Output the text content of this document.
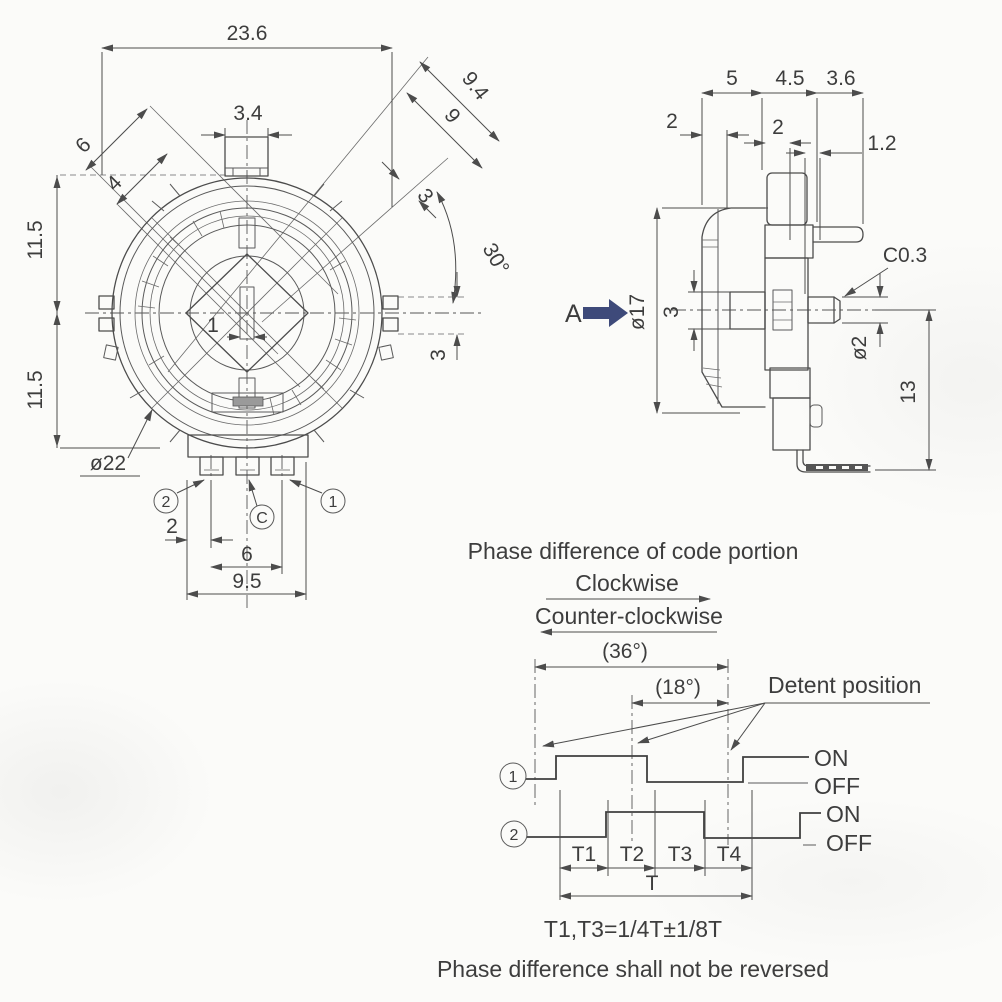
23.6
3.4
11.5
11.5
ø22
6
4
9.4
9
3
30°
3
1
2
6
9.5
2
C
1
A
5 4.5 3.6
2	2
1.2
C0.3
ø17 3
ø2
13
Phase difference of code portion
Clockwise
Counter-clockwise
(36°)
(18°)	Detent position
1
ON
OFF
2
ON
OFF
T1 T2 T3 T4
T
T1,T3=1/4T±1/8T
Phase difference shall not be reversed
